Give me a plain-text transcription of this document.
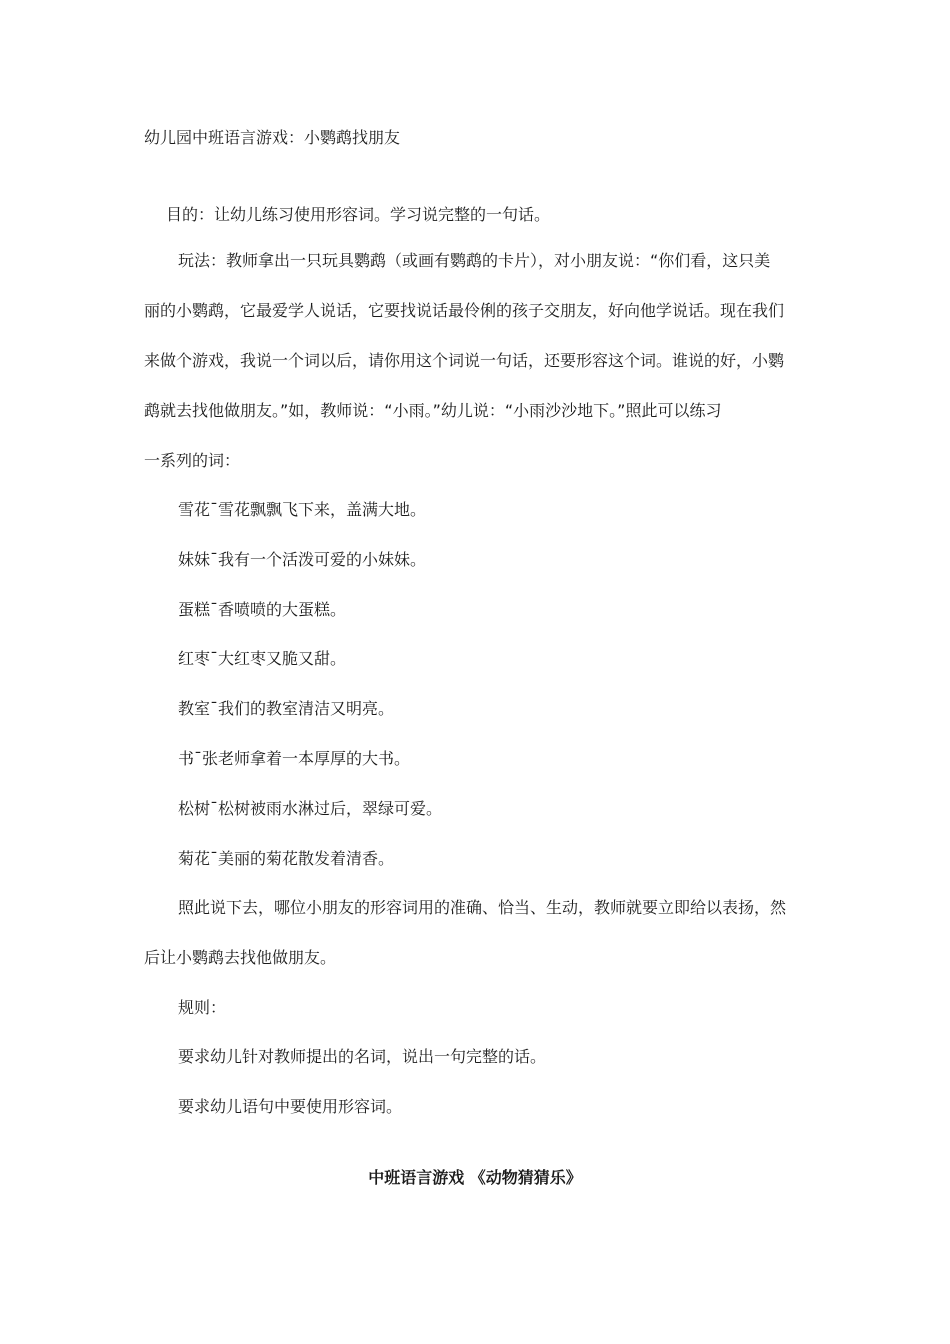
幼儿园中班语言游戏：小鹦鹉找朋友
目的：让幼儿练习使用形容词。学习说完整的一句话。
玩法：教师拿出一只玩具鹦鹉（或画有鹦鹉的卡片），对小朋友说：“你们看，这只美
丽的小鹦鹉，它最爱学人说话，它要找说话最伶俐的孩子交朋友，好向他学说话。现在我们
来做个游戏，我说一个词以后，请你用这个词说一句话，还要形容这个词。谁说的好，小鹦
鹉就去找他做朋友。”如，教师说：“小雨。”幼儿说：“小雨沙沙地下。”照此可以练习
一系列的词：
雪花¯雪花飘飘飞下来，盖满大地。
妹妹¯我有一个活泼可爱的小妹妹。
蛋糕¯香喷喷的大蛋糕。
红枣¯大红枣又脆又甜。
教室¯我们的教室清洁又明亮。
书¯张老师拿着一本厚厚的大书。
松树¯松树被雨水淋过后，翠绿可爱。
菊花¯美丽的菊花散发着清香。
照此说下去，哪位小朋友的形容词用的准确、恰当、生动，教师就要立即给以表扬，然
后让小鹦鹉去找他做朋友。
规则：
要求幼儿针对教师提出的名词，说出一句完整的话。
要求幼儿语句中要使用形容词。
中班语言游戏 《动物猜猜乐》
